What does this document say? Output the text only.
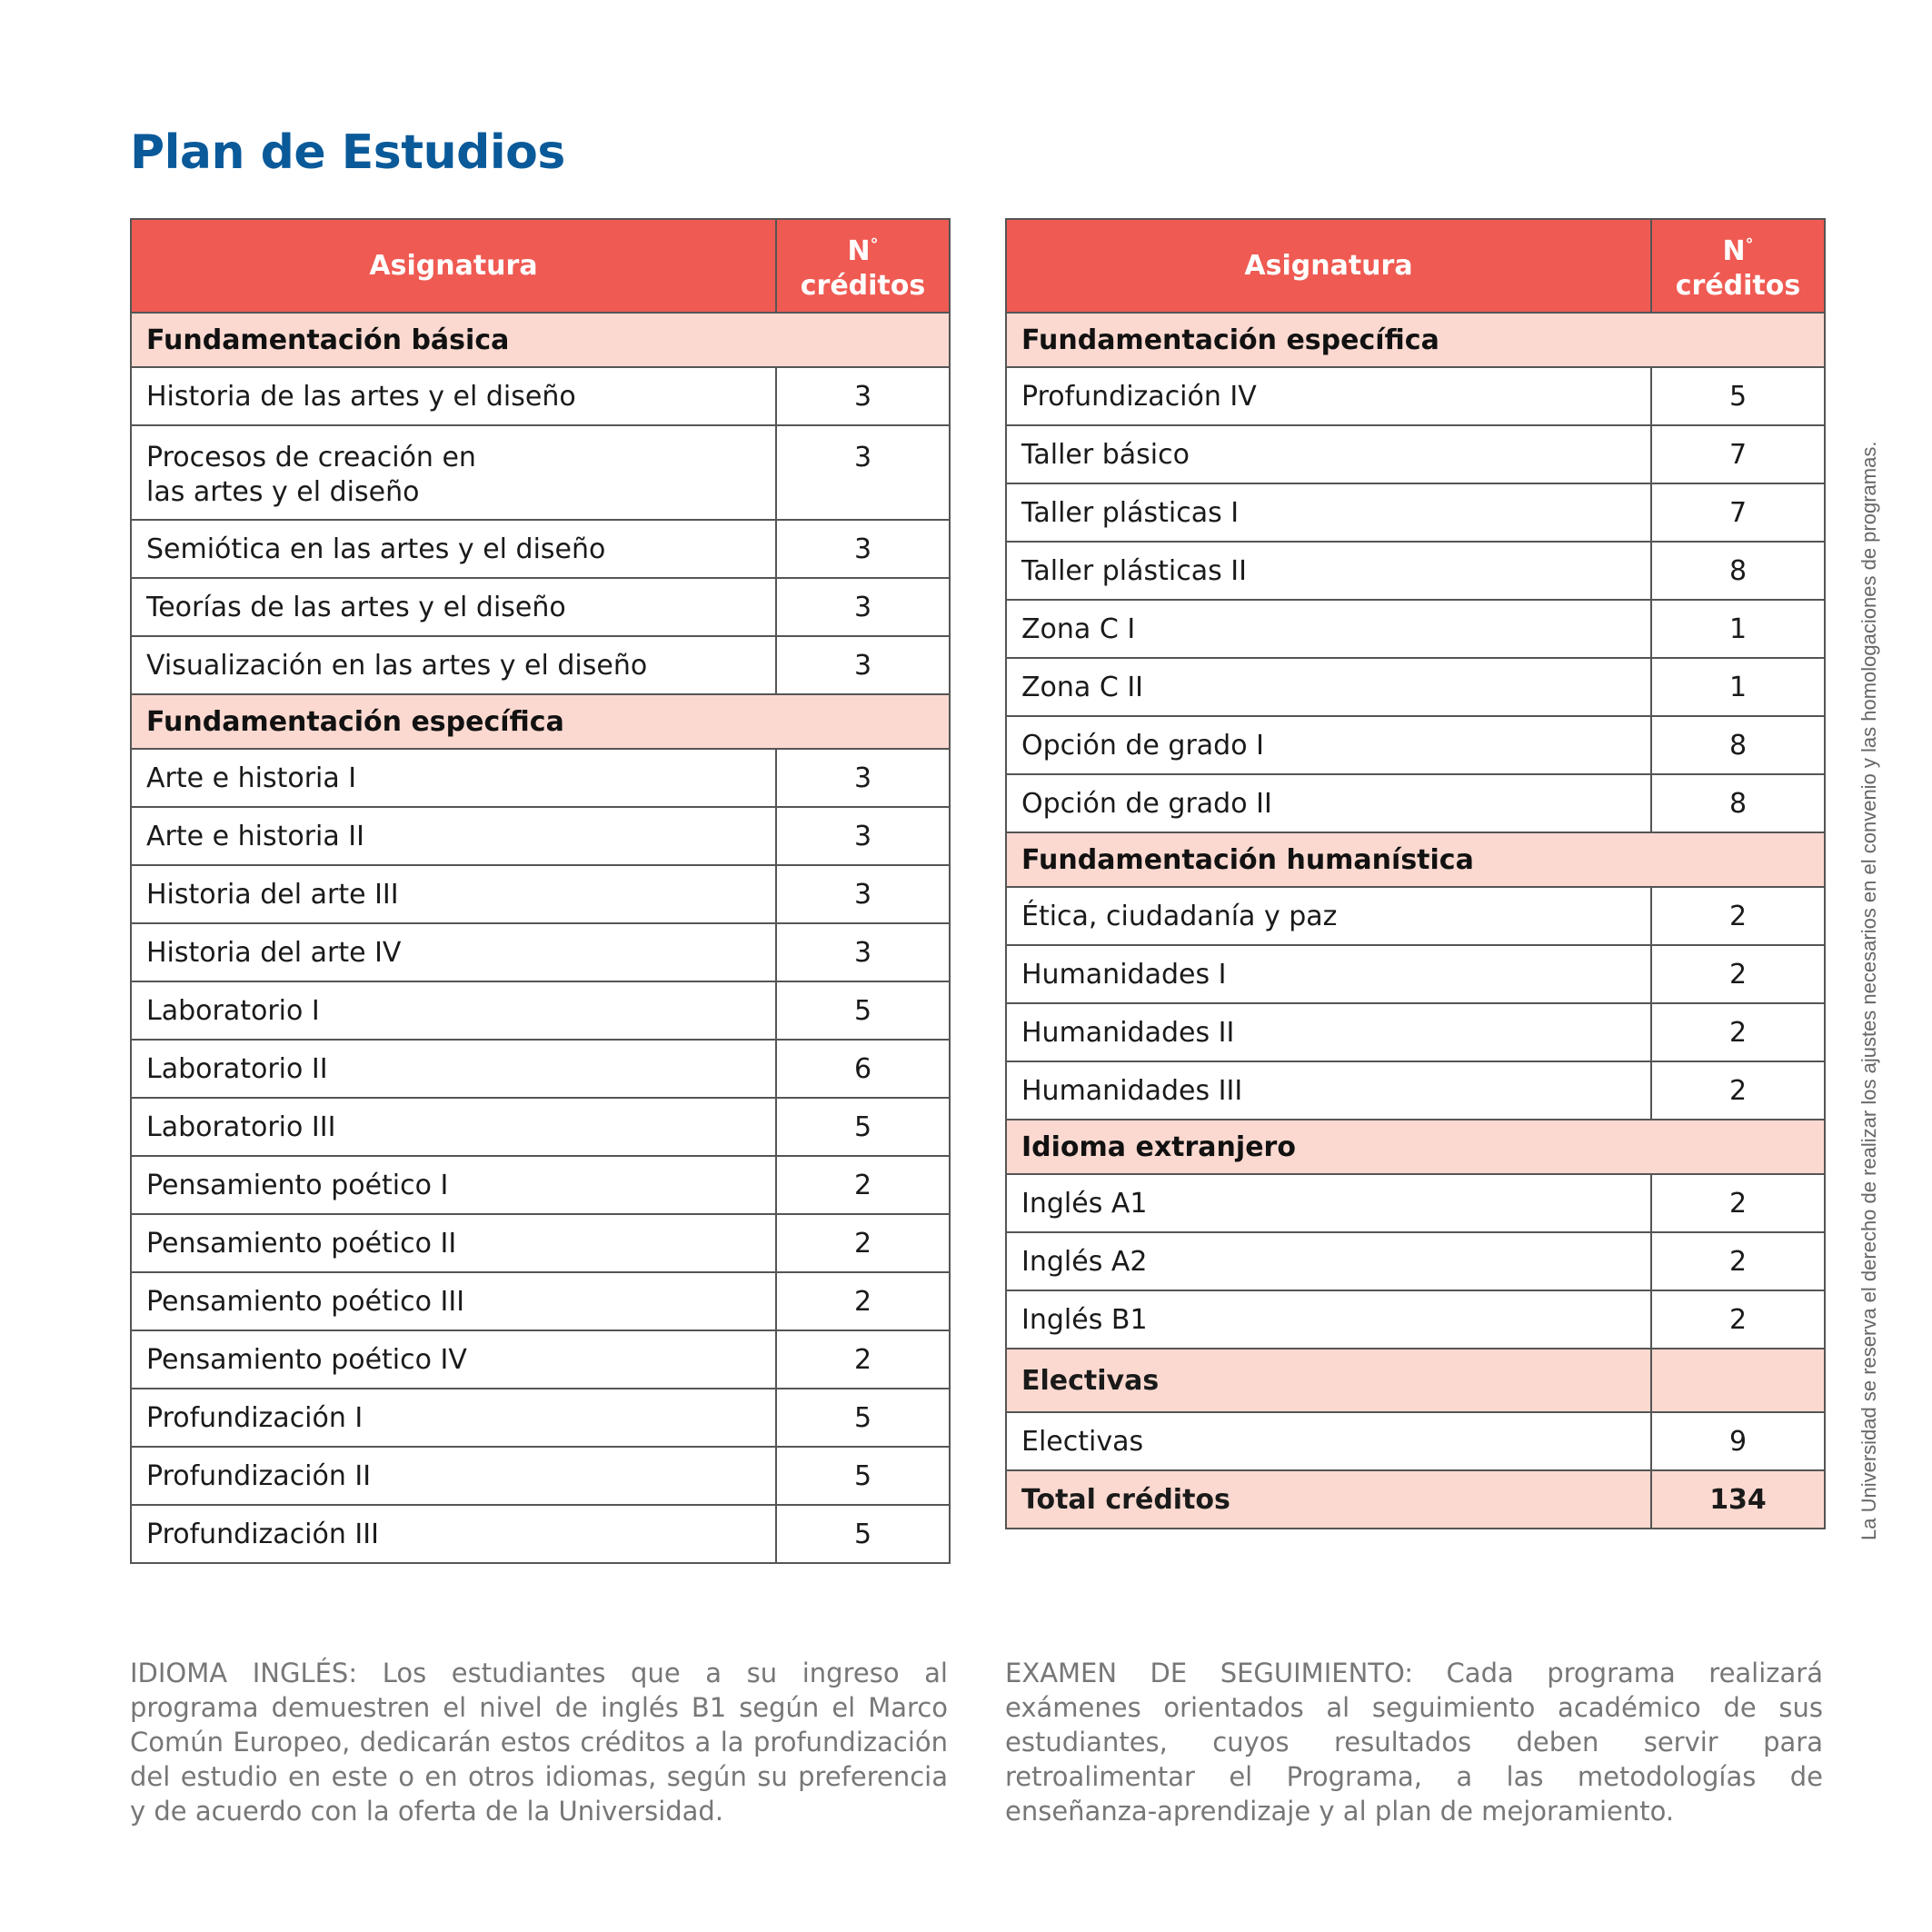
Plan de Estudios
Asignatura	N°
créditos
Fundamentación básica	
Historia de las artes y el diseño	3
Procesos de creación en
las artes y el diseño	3
Semiótica en las artes y el diseño	3
Teorías de las artes y el diseño	3
Visualización en las artes y el diseño	3
Fundamentación específica	
Arte e historia I	3
Arte e historia II	3
Historia del arte III	3
Historia del arte IV	3
Laboratorio I	5
Laboratorio II	6
Laboratorio III	5
Pensamiento poético I	2
Pensamiento poético II	2
Pensamiento poético III	2
Pensamiento poético IV	2
Profundización I	5
Profundización II	5
Profundización III	5
Asignatura	N°
créditos
Fundamentación específica	
Profundización IV	5
Taller básico	7
Taller plásticas I	7
Taller plásticas II	8
Zona C I	1
Zona C II	1
Opción de grado I	8
Opción de grado II	8
Fundamentación humanística	
Ética, ciudadanía y paz	2
Humanidades I	2
Humanidades II	2
Humanidades III	2
Idioma extranjero	
Inglés A1	2
Inglés A2	2
Inglés B1	2
Electivas	
Electivas	9
Total créditos	134	La Universidad se reserva el derecho de realizar los ajustes necesarios en el convenio y las homologaciones de programas.

IDIOMA INGLÉS: Los estudiantes que a su ingreso al programa demuestren el nivel de inglés B1 según el Marco Común Europeo, dedicarán estos créditos a la profundización del estudio en este o en otros idiomas, según su preferencia y de acuerdo con la oferta de la Universidad.

EXAMEN DE SEGUIMIENTO: Cada programa realizará exámenes orientados al seguimiento académico de sus estudiantes, cuyos resultados deben servir para retroalimentar el Programa, a las metodologías de enseñanza-aprendizaje y al plan de mejoramiento.
